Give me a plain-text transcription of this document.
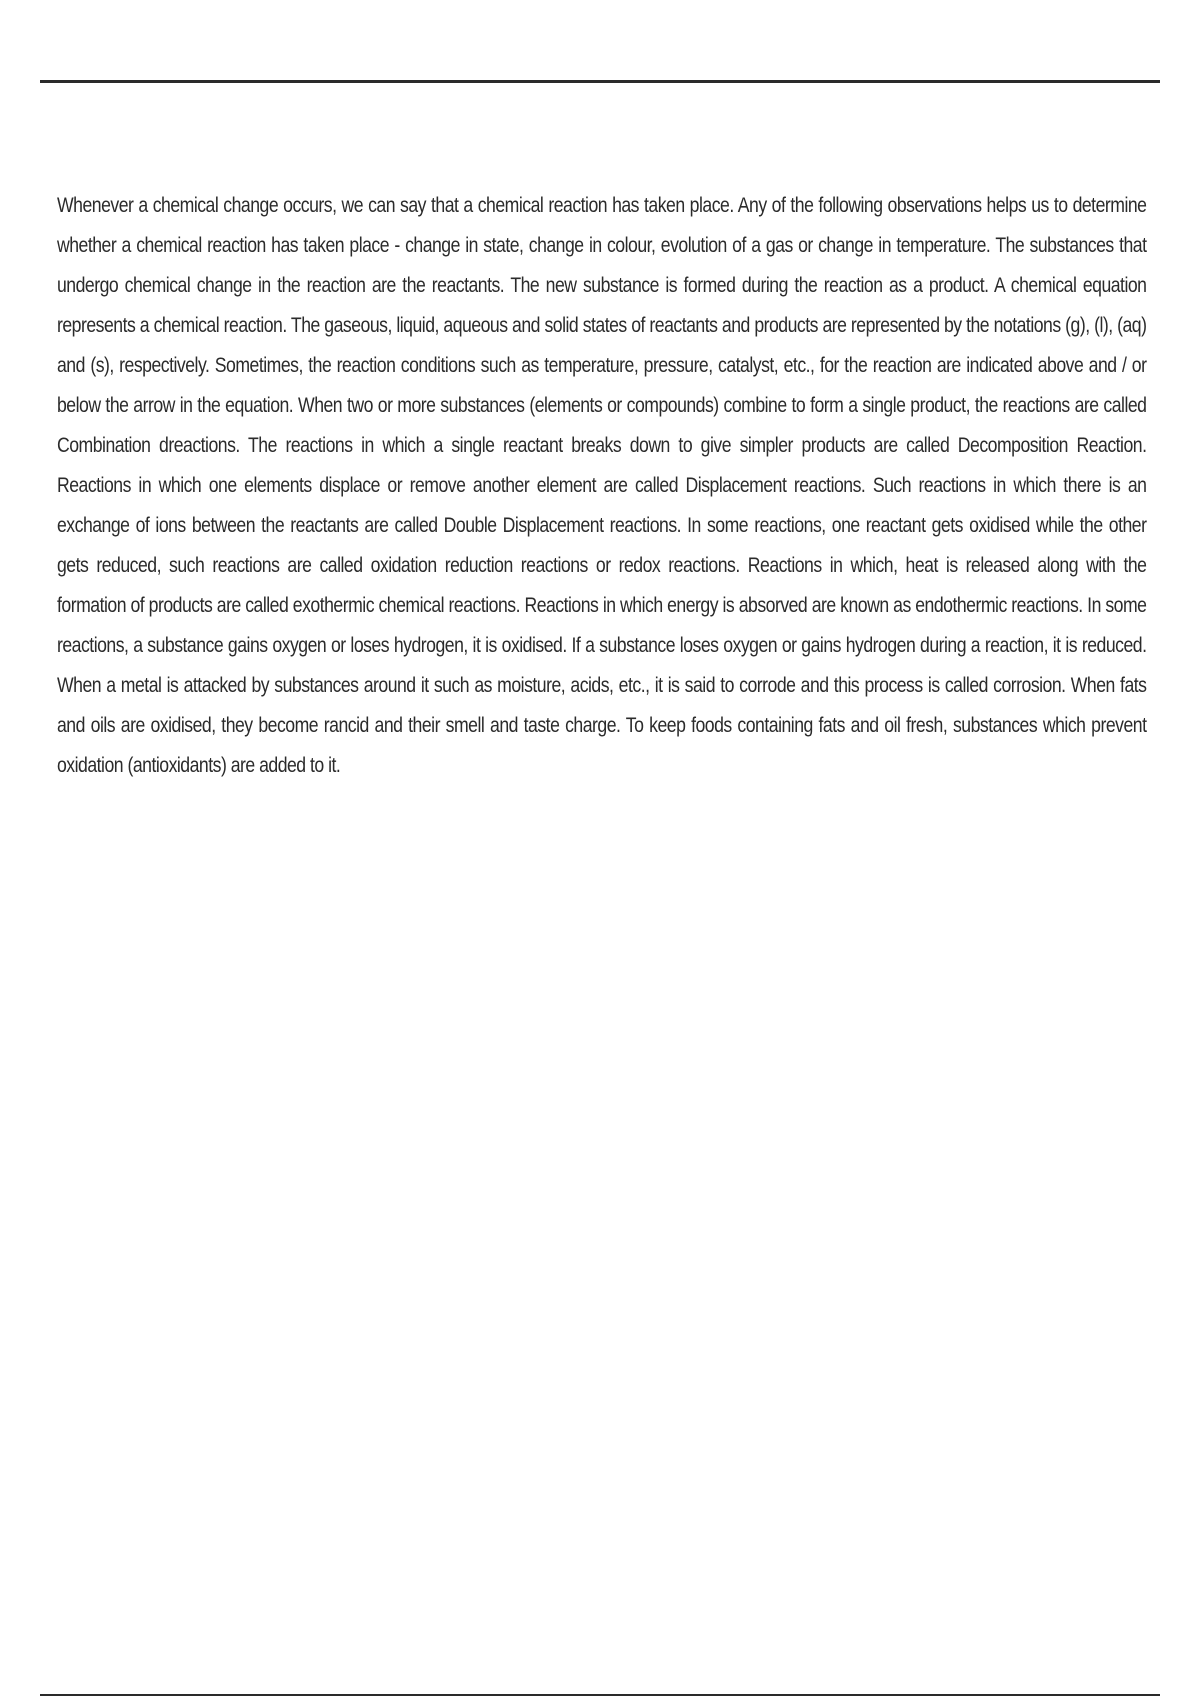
Whenever a chemical change occurs, we can say that a chemical reaction has taken place. Any of the following observations helps us to determine whether a chemical reaction has taken place - change in state, change in colour, evolution of a gas or change in temperature. The substances that undergo chemical change in the reaction are the reactants. The new substance is formed during the reaction as a product. A chemical equation represents a chemical reaction. The gaseous, liquid, aqueous and solid states of reactants and products are represented by the notations (g), (l), (aq) and (s), respectively. Sometimes, the reaction conditions such as temperature, pressure, catalyst, etc., for the reaction are indicated above and / or below the arrow in the equation. When two or more substances (elements or compounds) combine to form a single product, the reactions are called Combination dreactions. The reactions in which a single reactant breaks down to give simpler products are called Decomposition Reaction. Reactions in which one elements displace or remove another element are called Displacement reactions. Such reactions in which there is an exchange of ions between the reactants are called Double Displacement reactions. In some reactions, one reactant gets oxidised while the other gets reduced, such reactions are called oxidation reduction reactions or redox reactions. Reactions in which, heat is released along with the formation of products are called exothermic chemical reactions. Reactions in which energy is absorved are known as endothermic reactions. In some reactions, a substance gains oxygen or loses hydrogen, it is oxidised. If a substance loses oxygen or gains hydrogen during a reaction, it is reduced. When a metal is attacked by substances around it such as moisture, acids, etc., it is said to corrode and this process is called corrosion. When fats and oils are oxidised, they become rancid and their smell and taste charge. To keep foods containing fats and oil fresh, substances which prevent oxidation (antioxidants) are added to it.
